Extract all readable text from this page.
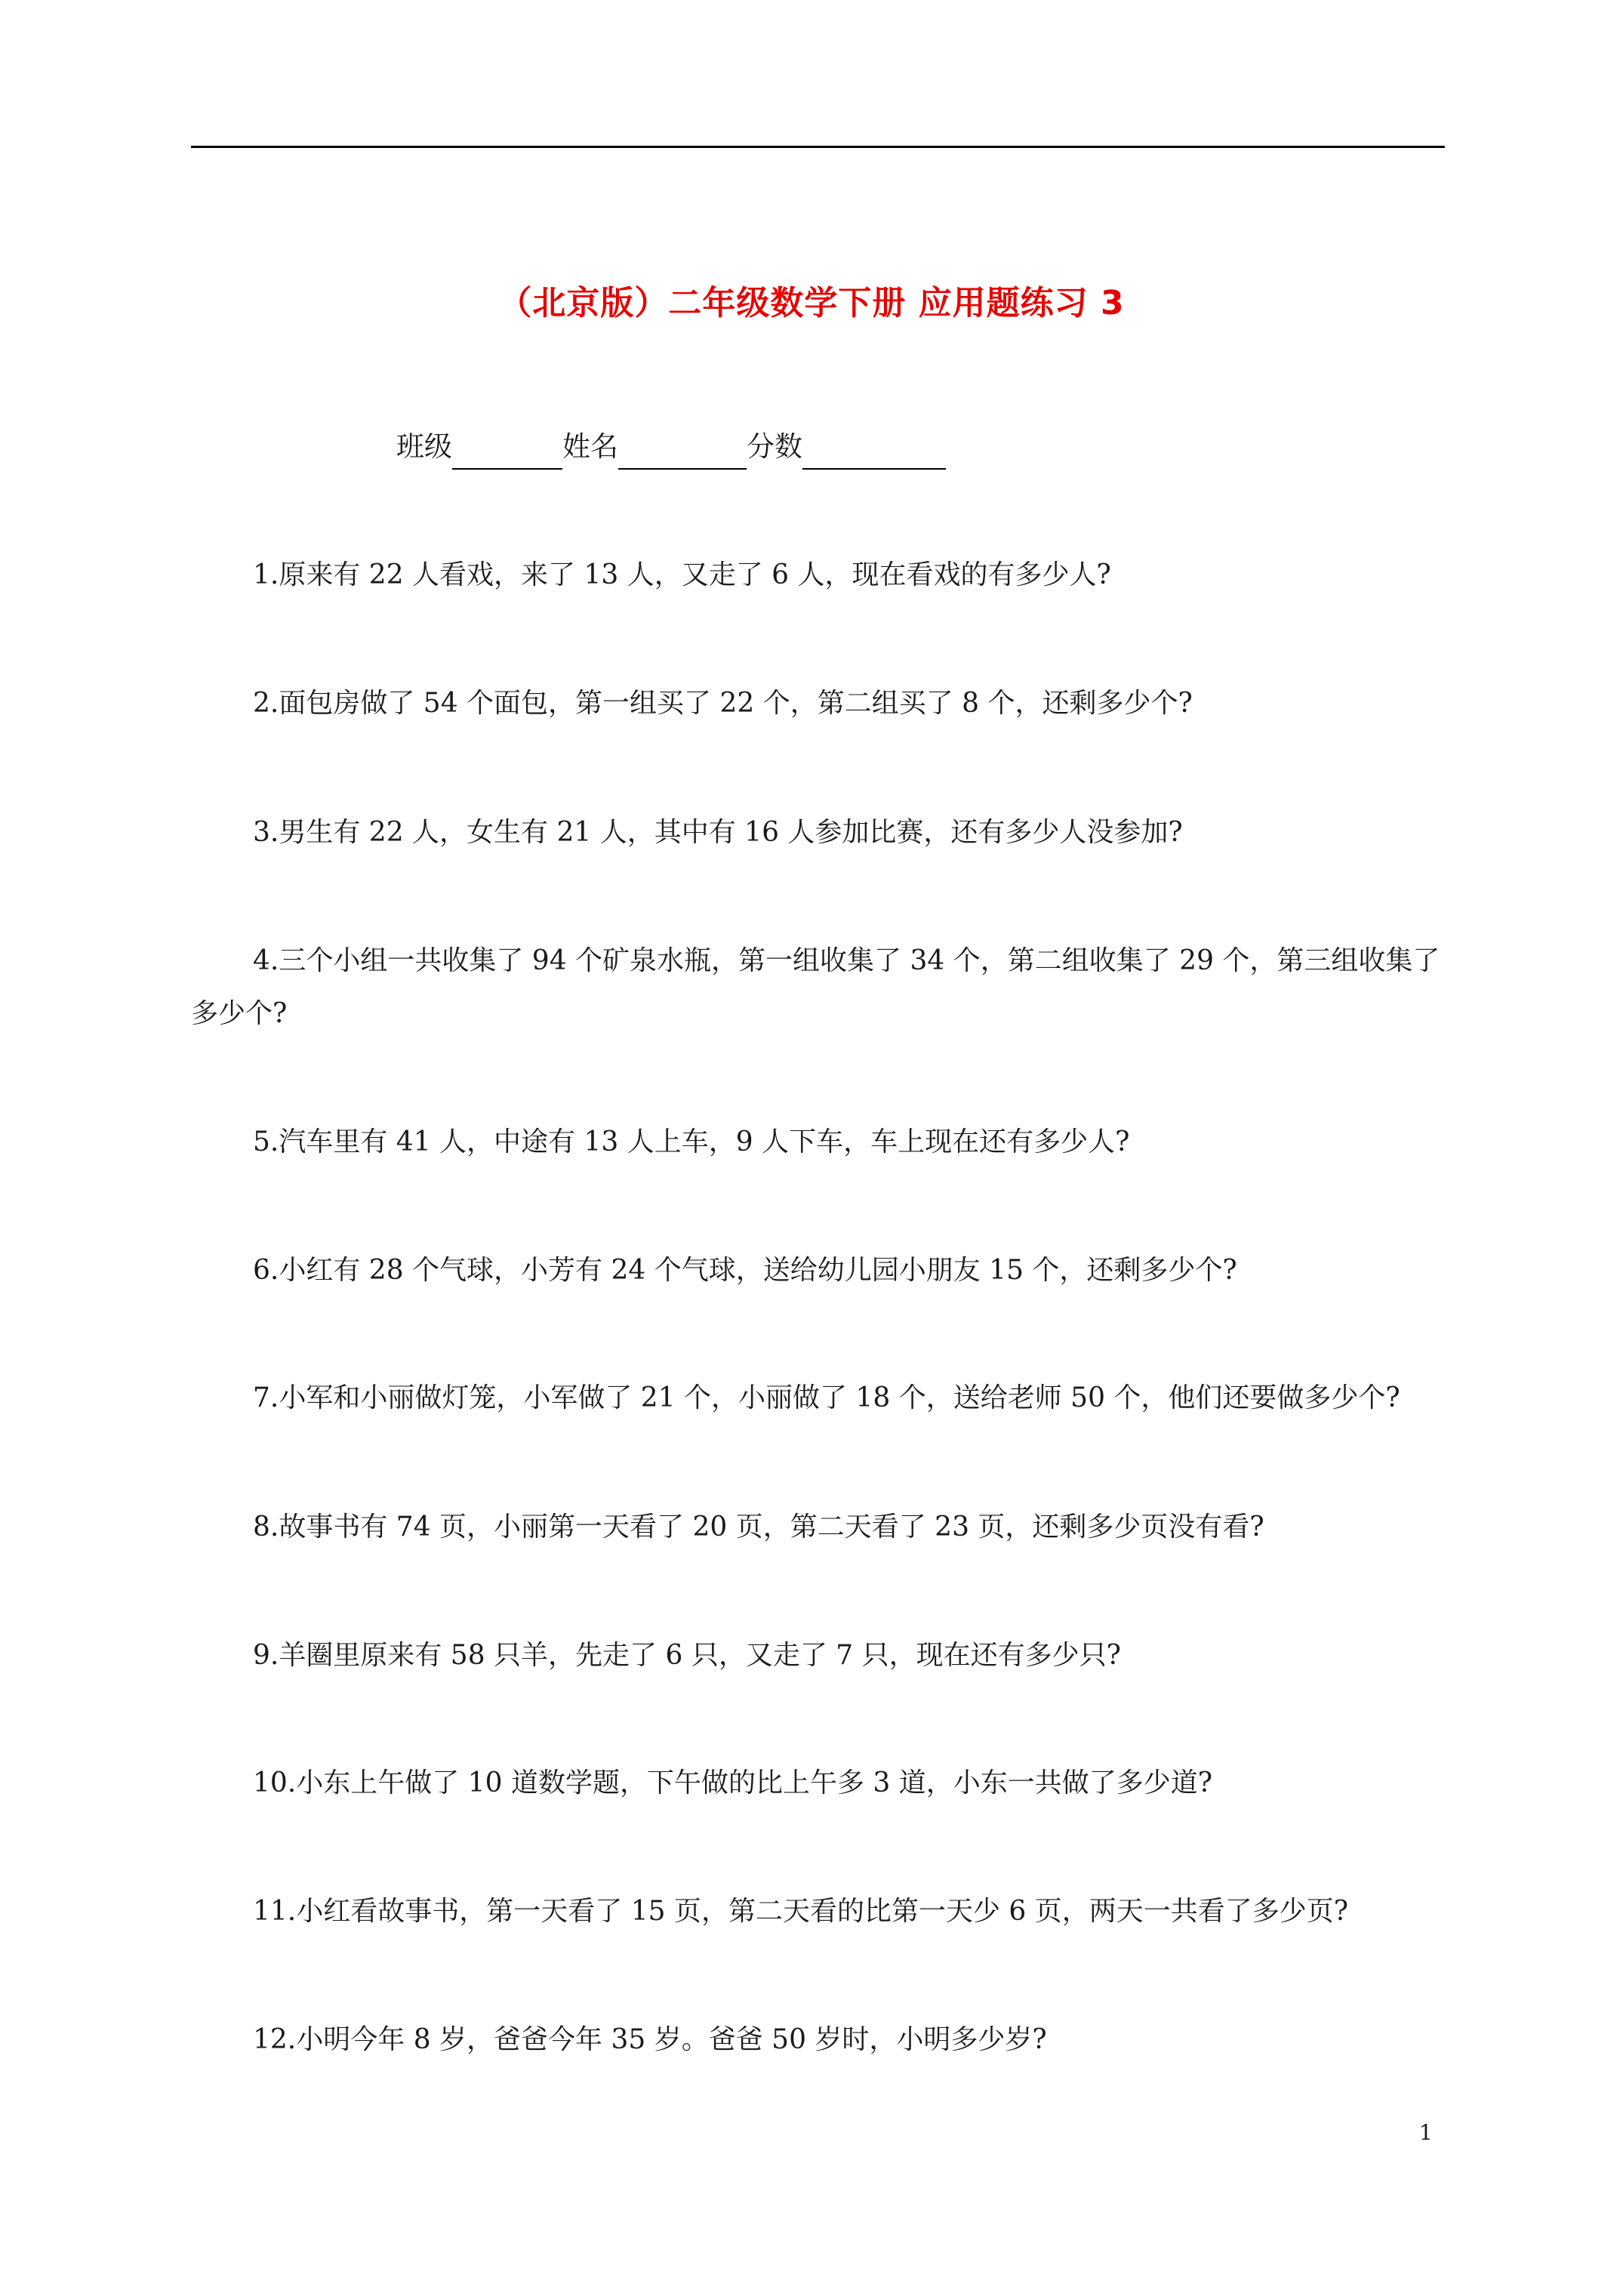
（北京版）二年级数学下册 应用题练习 3
班级	姓名	分数
1.原来有 22 人看戏，来了 13 人，又走了 6 人，现在看戏的有多少人?
2.面包房做了 54 个面包，第一组买了 22 个，第二组买了 8 个，还剩多少个?
3.男生有 22 人，女生有 21 人，其中有 16 人参加比赛，还有多少人没参加?
4.三个小组一共收集了 94 个矿泉水瓶，第一组收集了 34 个，第二组收集了 29 个，第三组收集了多少个?
5.汽车里有 41 人，中途有 13 人上车，9 人下车，车上现在还有多少人?
6.小红有 28 个气球，小芳有 24 个气球，送给幼儿园小朋友 15 个，还剩多少个?
7.小军和小丽做灯笼，小军做了 21 个，小丽做了 18 个，送给老师 50 个，他们还要做多少个?
8.故事书有 74 页，小丽第一天看了 20 页，第二天看了 23 页，还剩多少页没有看?
9.羊圈里原来有 58 只羊，先走了 6 只，又走了 7 只，现在还有多少只?
10.小东上午做了 10 道数学题，下午做的比上午多 3 道，小东一共做了多少道?
11.小红看故事书，第一天看了 15 页，第二天看的比第一天少 6 页，两天一共看了多少页?
12.小明今年 8 岁，爸爸今年 35 岁。爸爸 50 岁时，小明多少岁?
1
